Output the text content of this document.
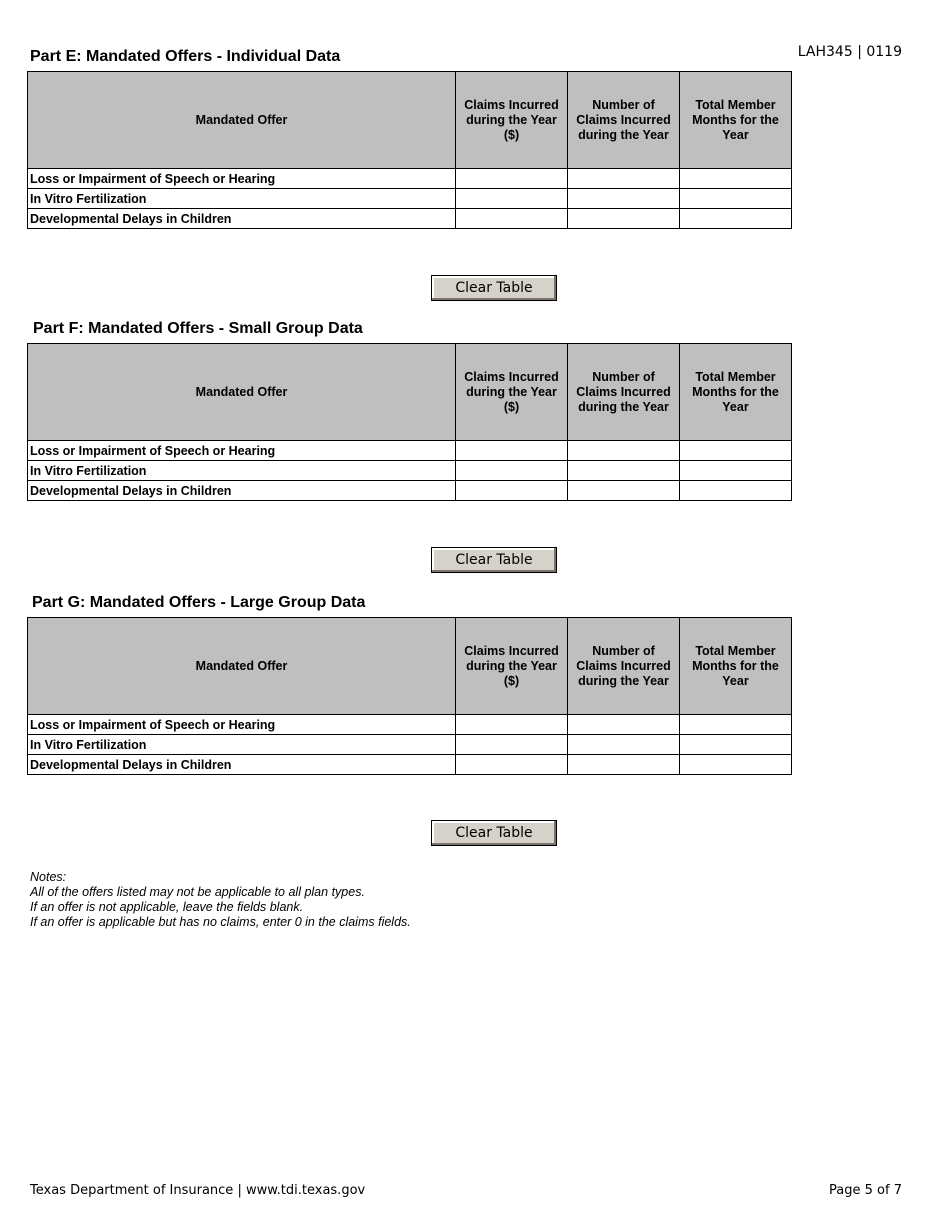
LAH345 | 0119
Part E: Mandated Offers - Individual Data
Mandated Offer	Claims Incurred during the Year ($)	Number of Claims Incurred during the Year	Total Member Months for the Year
Loss or Impairment of Speech or Hearing			
In Vitro Fertilization			
Developmental Delays in Children			
Clear Table
Part F: Mandated Offers - Small Group Data
Mandated Offer	Claims Incurred during the Year ($)	Number of Claims Incurred during the Year	Total Member Months for the Year
Loss or Impairment of Speech or Hearing			
In Vitro Fertilization			
Developmental Delays in Children			
Clear Table
Part G: Mandated Offers - Large Group Data
Mandated Offer	Claims Incurred during the Year ($)	Number of Claims Incurred during the Year	Total Member Months for the Year
Loss or Impairment of Speech or Hearing			
In Vitro Fertilization			
Developmental Delays in Children			
Clear Table
Notes:
All of the offers listed may not be applicable to all plan types.
If an offer is not applicable, leave the fields blank.
If an offer is applicable but has no claims, enter 0 in the claims fields.
Texas Department of Insurance | www.tdi.texas.gov	Page 5 of 7
